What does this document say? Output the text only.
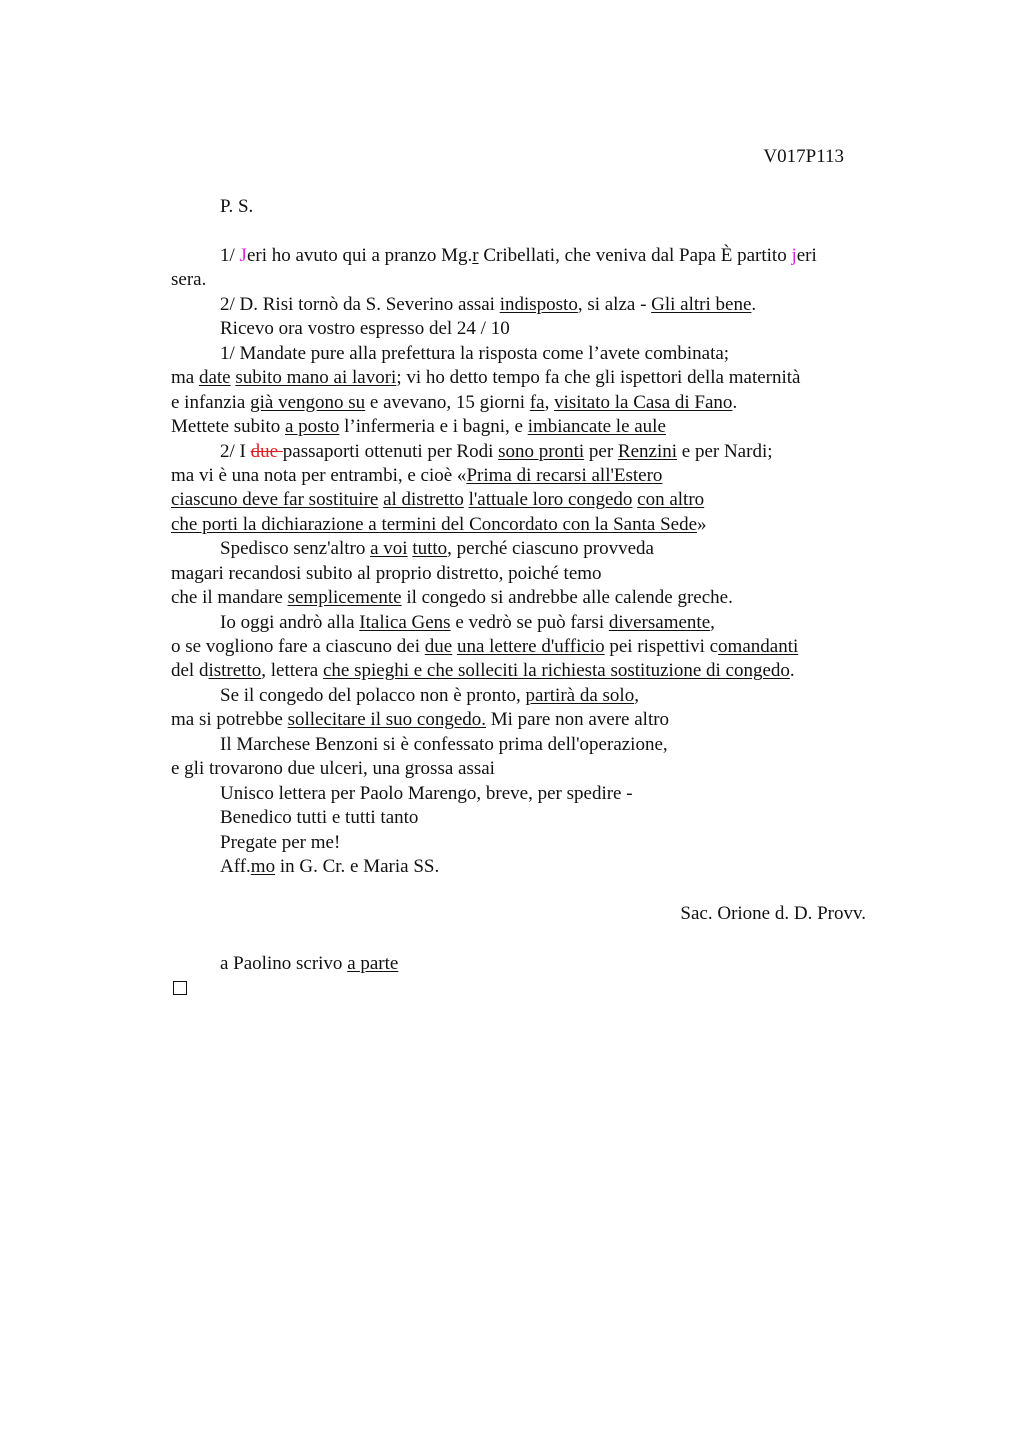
V017P113
P. S.
1/ Jeri ho avuto qui a pranzo Mg.r Cribellati, che veniva dal Papa È partito jeri
sera.
2/ D. Risi tornò da S. Severino assai indisposto, si alza - Gli altri bene.
Ricevo ora vostro espresso del 24 / 10
1/ Mandate pure alla prefettura la risposta come l’avete combinata;
ma date subito mano ai lavori; vi ho detto tempo fa che gli ispettori della maternità
e infanzia già vengono su e avevano, 15 giorni fa, visitato la Casa di Fano.
Mettete subito a posto l’infermeria e i bagni, e imbiancate le aule
2/ I due passaporti ottenuti per Rodi sono pronti per Renzini e per Nardi;
ma vi è una nota per entrambi, e cioè «Prima di recarsi all'Estero
ciascuno deve far sostituire al distretto l'attuale loro congedo con altro
che porti la dichiarazione a termini del Concordato con la Santa Sede»
Spedisco senz'altro a voi tutto, perché ciascuno provveda
magari recandosi subito al proprio distretto, poiché temo
che il mandare semplicemente il congedo si andrebbe alle calende greche.
Io oggi andrò alla Italica Gens e vedrò se può farsi diversamente,
o se vogliono fare a ciascuno dei due una lettere d'ufficio pei rispettivi comandanti
del distretto, lettera che spieghi e che solleciti la richiesta sostituzione di congedo.
Se il congedo del polacco non è pronto, partirà da solo,
ma si potrebbe sollecitare il suo congedo. Mi pare non avere altro
Il Marchese Benzoni si è confessato prima dell'operazione,
e gli trovarono due ulceri, una grossa assai
Unisco lettera per Paolo Marengo, breve, per spedire -
Benedico tutti e tutti tanto
Pregate per me!
Aff.mo in G. Cr. e Maria SS.
Sac. Orione d. D. Provv.
a Paolino scrivo a parte
